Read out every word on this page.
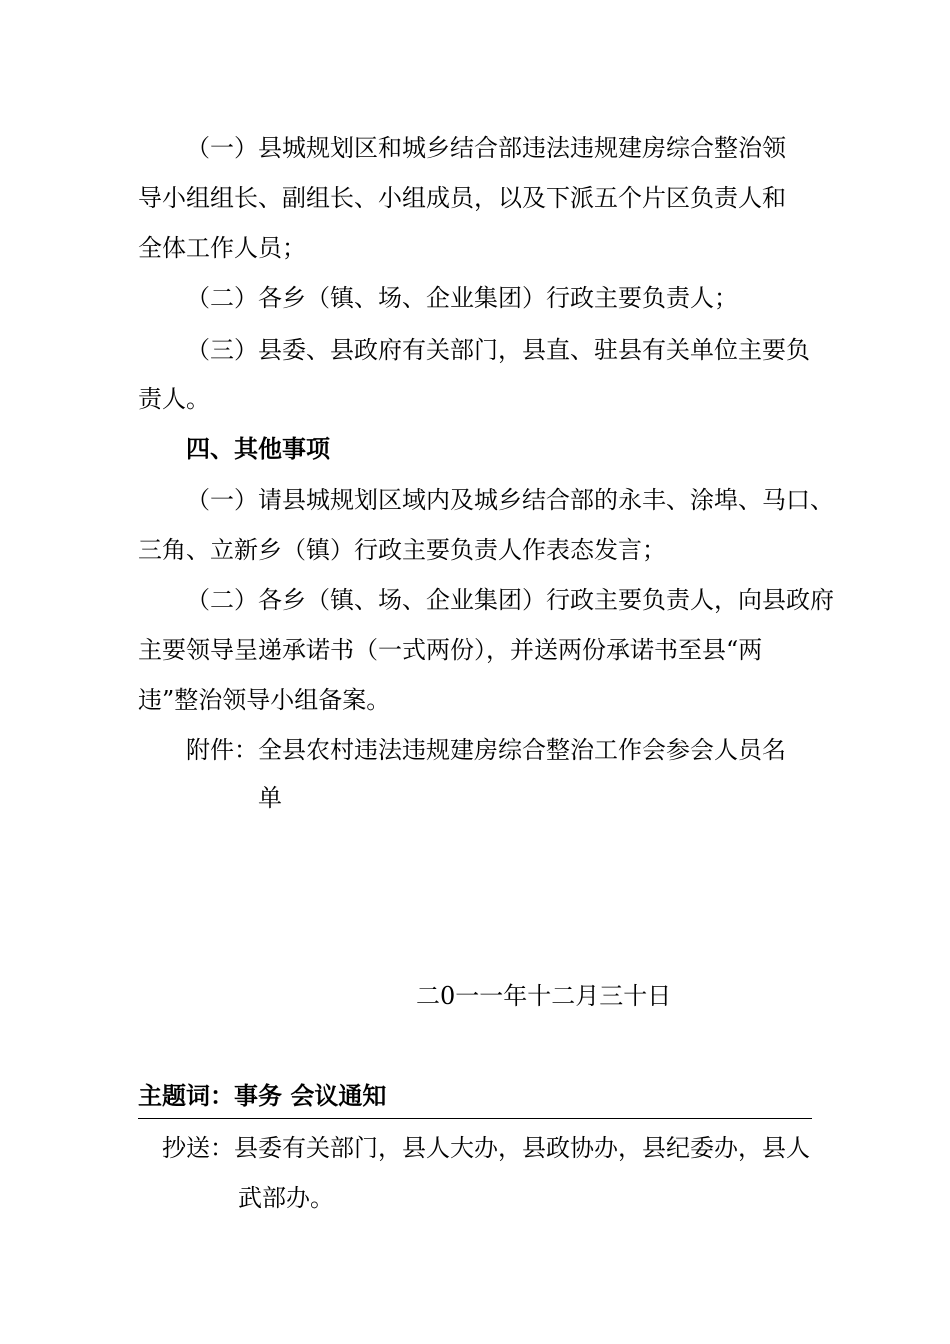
（一）县城规划区和城乡结合部违法违规建房综合整治领
导小组组长、副组长、小组成员，以及下派五个片区负责人和
全体工作人员；
（二）各乡（镇、场、企业集团）行政主要负责人；
（三）县委、县政府有关部门，县直、驻县有关单位主要负
责人。
四、其他事项
（一）请县城规划区域内及城乡结合部的永丰、涂埠、马口、
三角、立新乡（镇）行政主要负责人作表态发言；
（二）各乡（镇、场、企业集团）行政主要负责人，向县政府
主要领导呈递承诺书（一式两份），并送两份承诺书至县“两
违”整治领导小组备案。
附件：全县农村违法违规建房综合整治工作会参会人员名
单
二0一一年十二月三十日
主题词：事务 会议通知
抄送：县委有关部门，县人大办，县政协办，县纪委办，县人
武部办。
